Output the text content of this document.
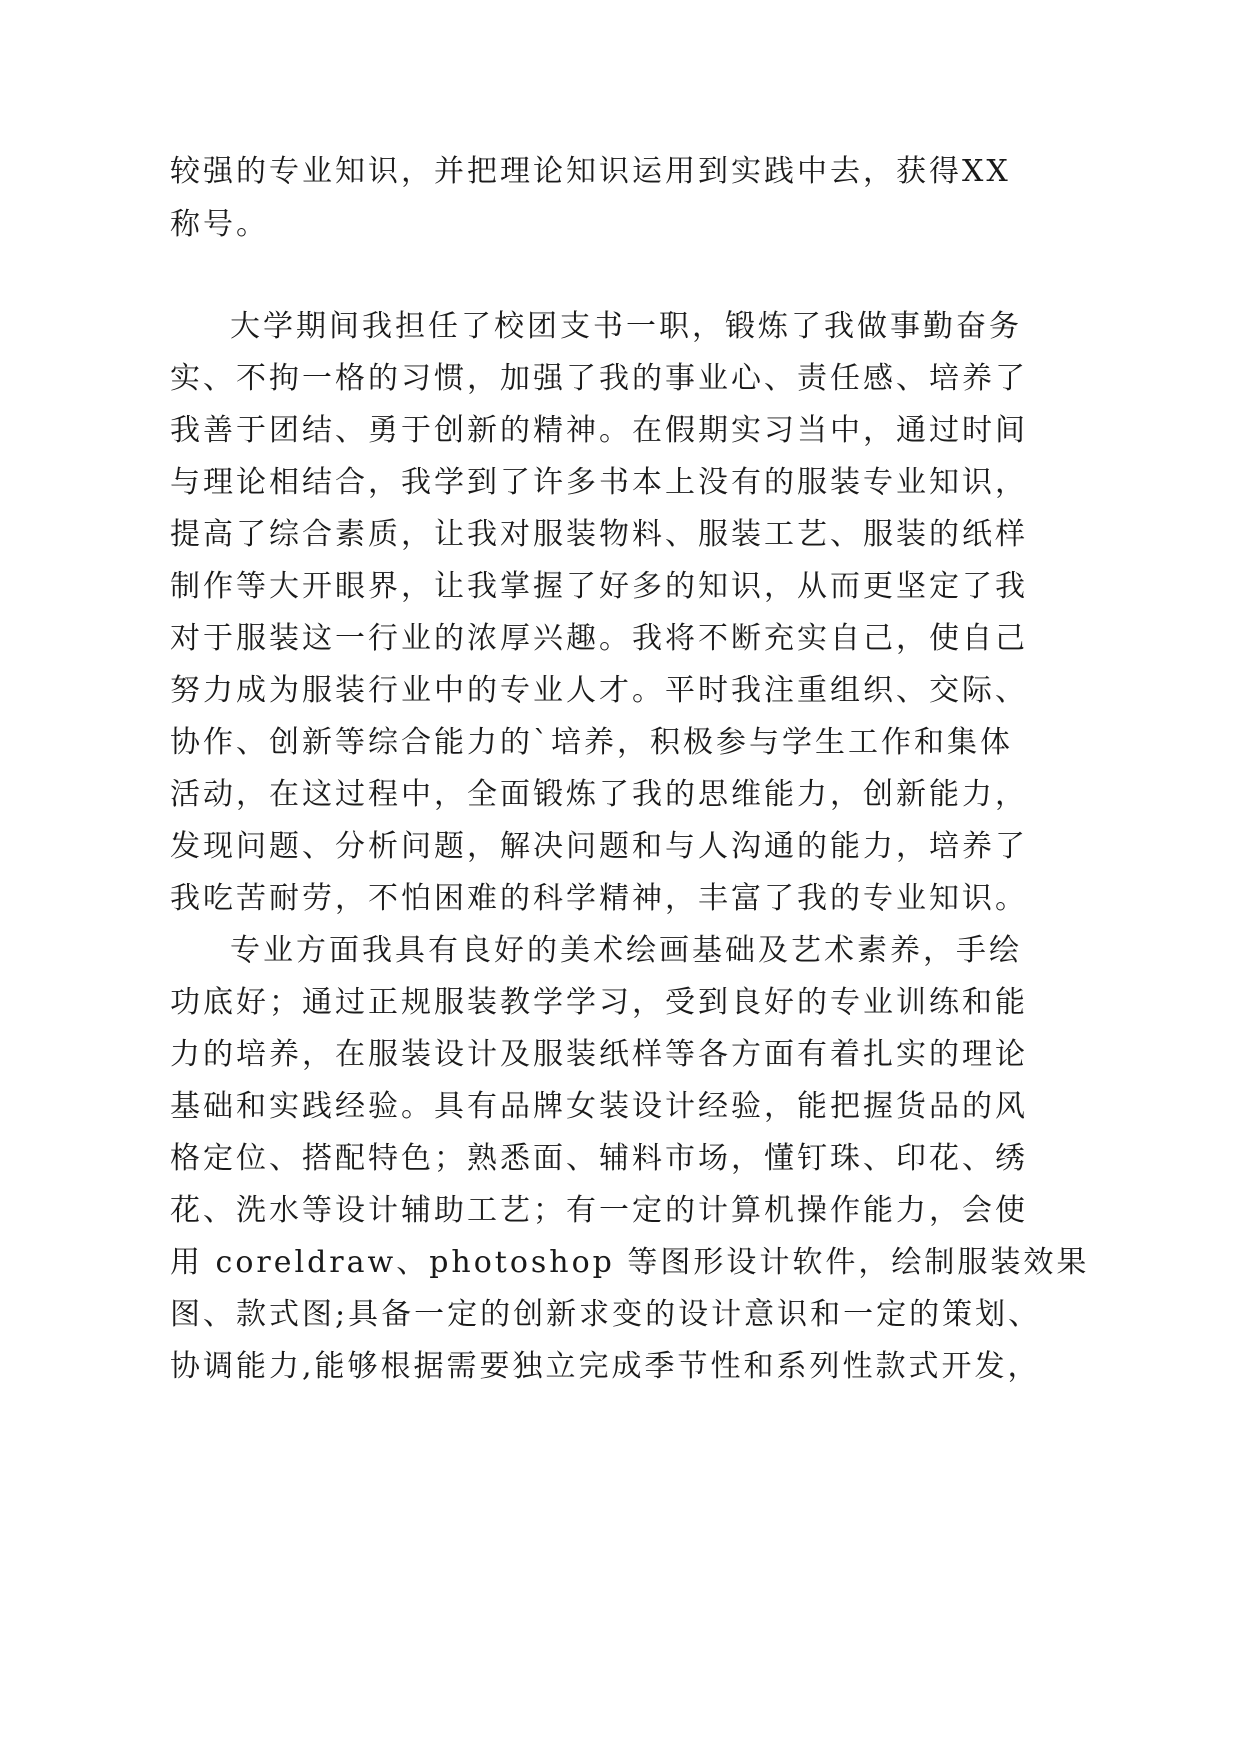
较强的专业知识，并把理论知识运用到实践中去，获得XX
称号。
大学期间我担任了校团支书一职，锻炼了我做事勤奋务
实、不拘一格的习惯，加强了我的事业心、责任感、培养了
我善于团结、勇于创新的精神。在假期实习当中，通过时间
与理论相结合，我学到了许多书本上没有的服装专业知识，
提高了综合素质，让我对服装物料、服装工艺、服装的纸样
制作等大开眼界，让我掌握了好多的知识，从而更坚定了我
对于服装这一行业的浓厚兴趣。我将不断充实自己，使自己
努力成为服装行业中的专业人才。平时我注重组织、交际、
协作、创新等综合能力的`培养，积极参与学生工作和集体
活动，在这过程中，全面锻炼了我的思维能力，创新能力，
发现问题、分析问题，解决问题和与人沟通的能力，培养了
我吃苦耐劳，不怕困难的科学精神，丰富了我的专业知识。
专业方面我具有良好的美术绘画基础及艺术素养，手绘
功底好；通过正规服装教学学习，受到良好的专业训练和能
力的培养，在服装设计及服装纸样等各方面有着扎实的理论
基础和实践经验。具有品牌女装设计经验，能把握货品的风
格定位、搭配特色；熟悉面、辅料市场，懂钉珠、印花、绣
花、洗水等设计辅助工艺；有一定的计算机操作能力，会使
用 coreldraw、photoshop 等图形设计软件，绘制服装效果
图、款式图;具备一定的创新求变的设计意识和一定的策划、
协调能力,能够根据需要独立完成季节性和系列性款式开发，
